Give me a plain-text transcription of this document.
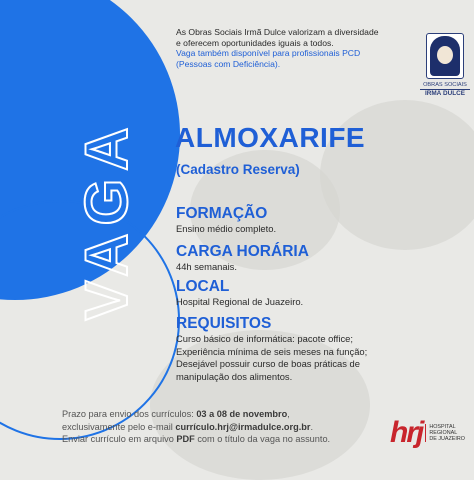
VAGA
As Obras Sociais Irmã Dulce valorizam a diversidade
e oferecem oportunidades iguais a todos.
Vaga também disponível para profissionais PCD
(Pessoas com Deficiência).
OBRAS SOCIAIS
IRMÃ DULCE
ALMOXARIFE
(Cadastro Reserva)
FORMAÇÃO

Ensino médio completo.

CARGA HORÁRIA

44h semanais.

LOCAL

Hospital Regional de Juazeiro.

REQUISITOS

Curso básico de informática: pacote office;
Experiência mínima de seis meses na função;
Desejável possuir curso de boas práticas de
manipulação dos alimentos.

Prazo para envio dos currículos: 03 a 08 de novembro,
exclusivamente pelo e-mail currículo.hrj@irmadulce.org.br.
Enviar currículo em arquivo PDF com o título da vaga no assunto.	hrj HOSPITAL
REGIONAL
DE JUAZEIRO
